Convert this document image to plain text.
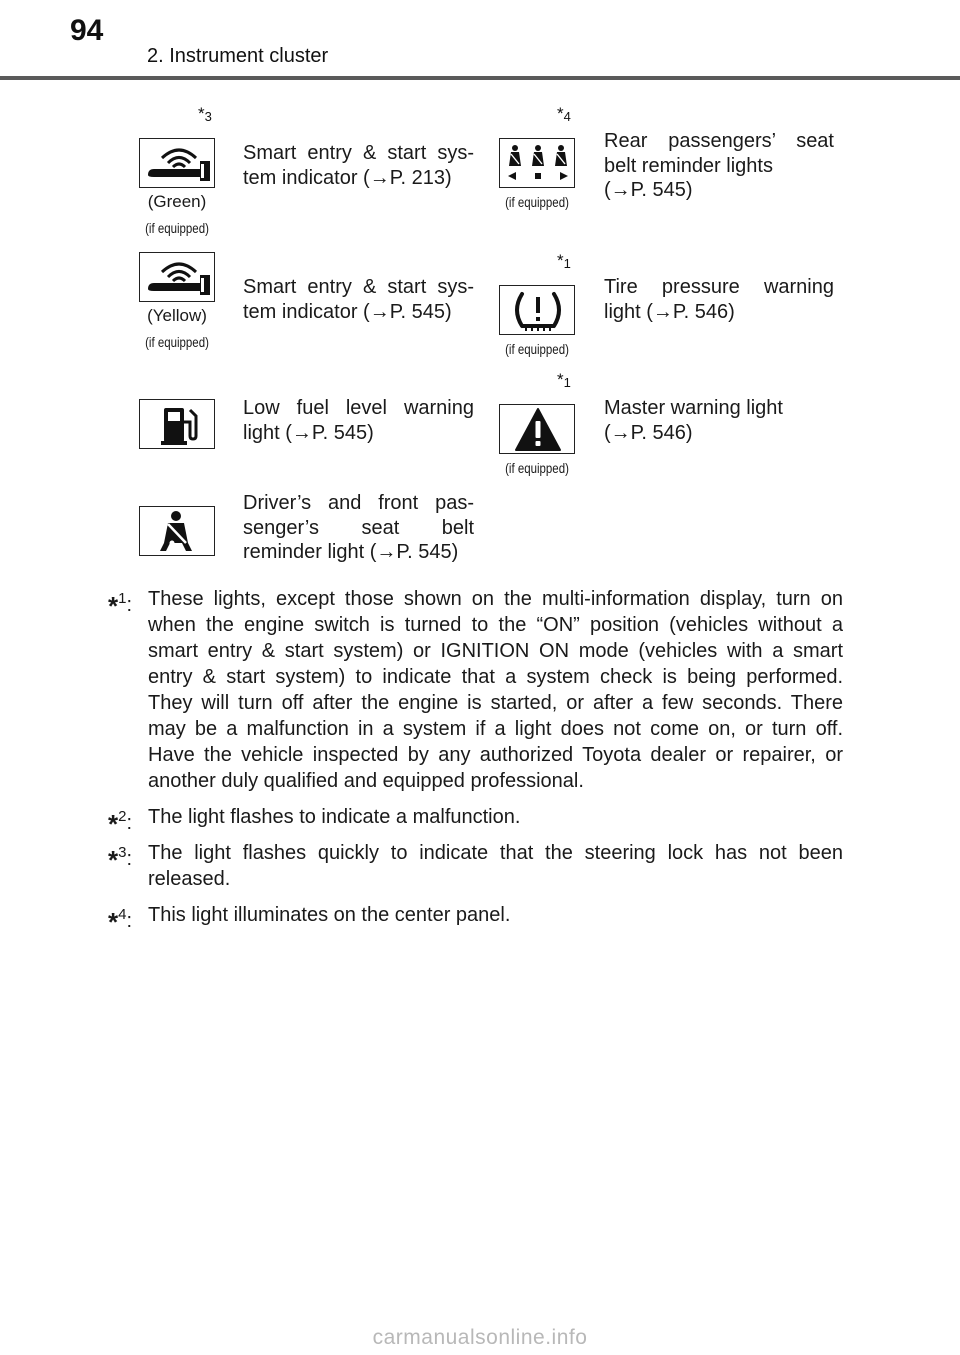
94
2. Instrument cluster
*3
(Green)
(if equipped)
Smart entry & start sys-
tem indicator (→P. 213)
*4
(if equipped)
Rear passengers’ seat
belt reminder lights
(→P. 545)
(Yellow)
(if equipped)
Smart entry & start sys-
tem indicator (→P. 545)
*1
(if equipped)
Tire pressure warning
light (→P. 546)
Low fuel level warning
light (→P. 545)
*1
(if equipped)
Master warning light
(→P. 546)
Driver’s and front pas-
senger’s seat belt
reminder light (→P. 545)
*$^1$: These lights, except those shown on the multi-information display, turn on
when the engine switch is turned to the “ON” position (vehicles without a
smart entry & start system) or IGNITION ON mode (vehicles with a smart
entry & start system) to indicate that a system check is being performed.
They will turn off after the engine is started, or after a few seconds. There
may be a malfunction in a system if a light does not come on, or turn off.
Have the vehicle inspected by any authorized Toyota dealer or repairer, or
another duly qualified and equipped professional.
*$^2$: The light flashes to indicate a malfunction.
*$^3$: The light flashes quickly to indicate that the steering lock has not been
released.
*$^4$: This light illuminates on the center panel.
carmanualsonline.info
